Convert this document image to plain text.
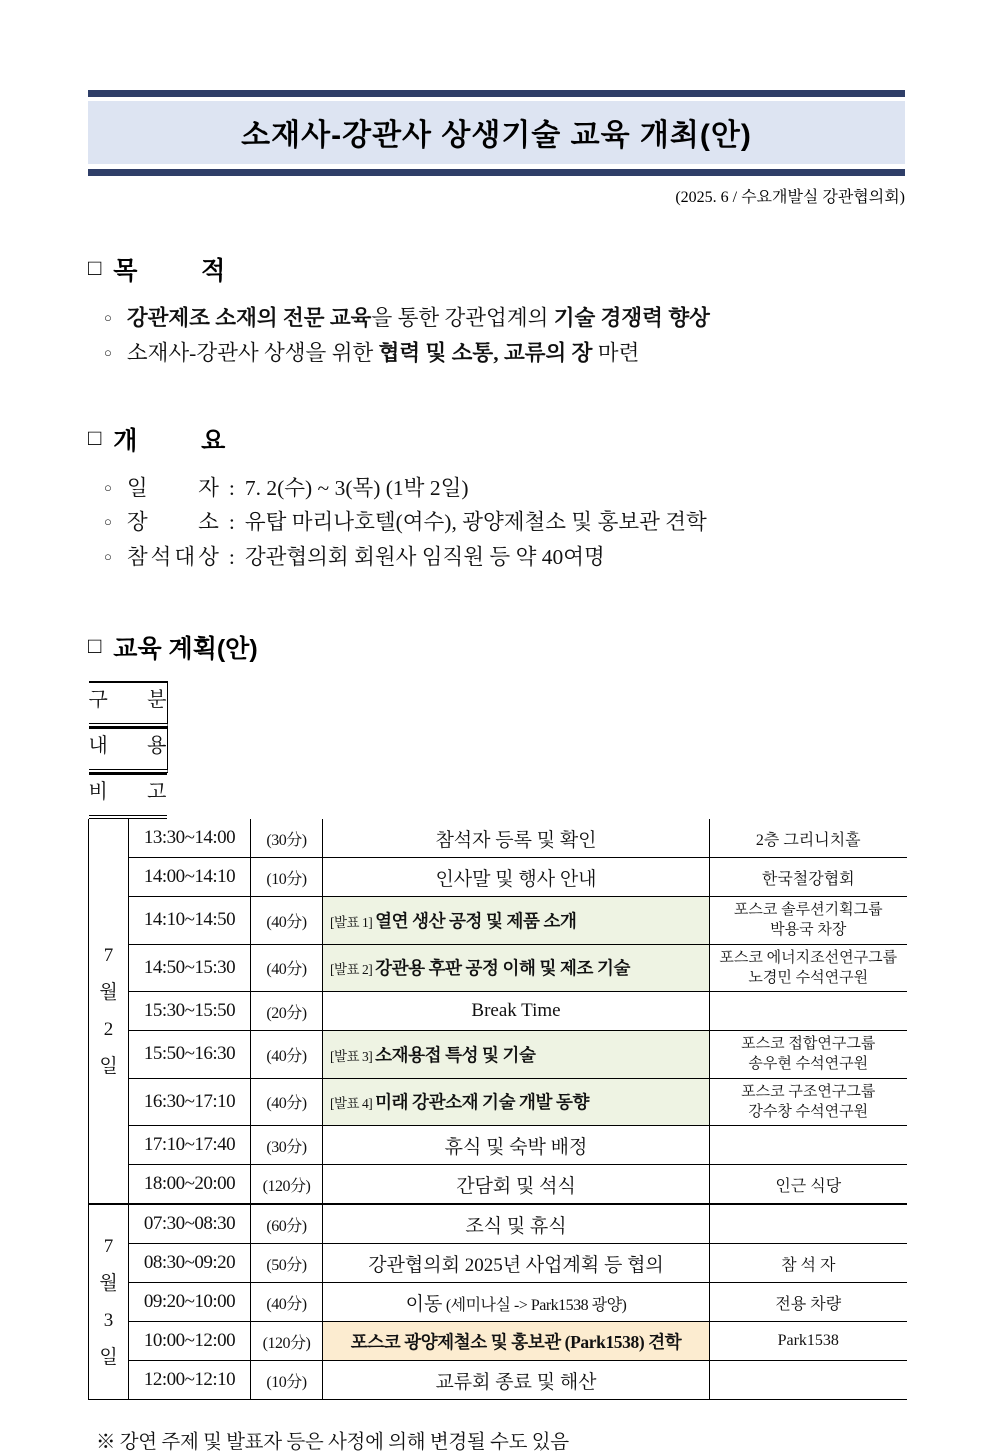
소재사-강관사 상생기술 교육 개최(안)
(2025. 6 / 수요개발실 강관협의회)
□ 목	적
○ 강관제조 소재의 전문 교육을 통한 강관업계의 기술 경쟁력 향상
○ 소재사-강관사 상생을 위한 협력 및 소통, 교류의 장 마련
□ 개	요
○ 일 자 : 7. 2(수) ~ 3(목) (1박 2일)
○ 장 소 : 유탑 마리나호텔(여수), 광양제철소 및 홍보관 견학
○ 참 석 대 상 : 강관협의회 회원사 임직원 등 약 40여명
□ 교육 계획(안)
구 분
내 용
비 고

7
월
2
일	13:30~14:00	(30分)	참석자 등록 및 확인	2층 그리니치홀
	14:00~14:10	(10分)	인사말 및 행사 안내	한국철강협회
	14:10~14:50	(40分)	[발표 1] 열연 생산 공정 및 제품 소개	포스코 솔루션기획그룹
박용국 차장
	14:50~15:30	(40分)	[발표 2] 강관용 후판 공정 이해 및 제조 기술	포스코 에너지조선연구그룹
노경민 수석연구원
	15:30~15:50	(20分)	Break Time	
	15:50~16:30	(40分)	[발표 3] 소재용접 특성 및 기술	포스코 접합연구그룹
송우현 수석연구원
	16:30~17:10	(40分)	[발표 4] 미래 강관소재 기술 개발 동향	포스코 구조연구그룹
강수창 수석연구원
	17:10~17:40	(30分)	휴식 및 숙박 배정	
	18:00~20:00	(120分)	간담회 및 석식	인근 식당

7
월
3
일	07:30~08:30	(60分)	조식 및 휴식	
	08:30~09:20	(50分)	강관협의회 2025년 사업계획 등 협의	참 석 자
	09:20~10:00	(40分)	이동 (세미나실 -> Park1538 광양)	전용 차량
	10:00~12:00	(120分)	포스코 광양제철소 및 홍보관 (Park1538) 견학	Park1538
	12:00~12:10	(10分)	교류회 종료 및 해산	
※ 강연 주제 및 발표자 등은 사정에 의해 변경될 수도 있음
